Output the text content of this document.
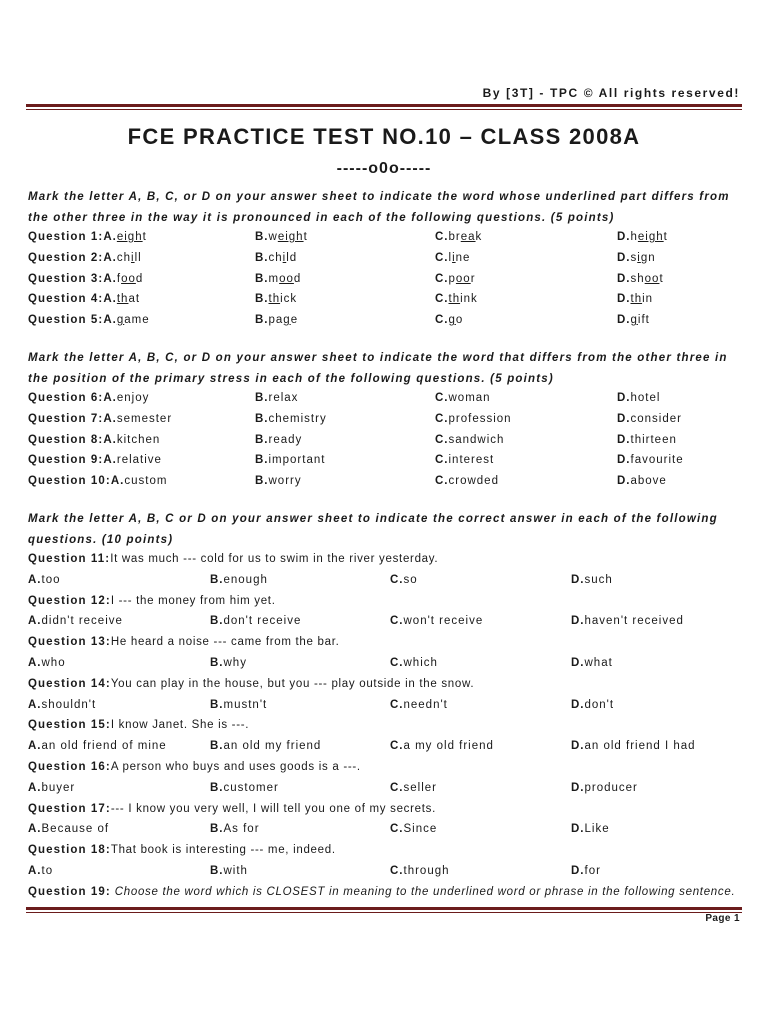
By [3T] - TPC © All rights reserved!
FCE PRACTICE TEST NO.10 – CLASS 2008A
-----o0o-----
Mark the letter A, B, C, or D on your answer sheet to indicate the word whose underlined part differs from the other three in the way it is pronounced in each of the following questions. (5 points)
Question 1:A.eight	B.weight	C.break	D.height
Question 2:A.chill	B.child	C.line	D.sign
Question 3:A.food	B.mood	C.poor	D.shoot
Question 4:A.that	B.thick	C.think	D.thin
Question 5:A.game	B.page	C.go	D.gift
Mark the letter A, B, C, or D on your answer sheet to indicate the word that differs from the other three in the position of the primary stress in each of the following questions. (5 points)
Question 6:A.enjoy	B.relax	C.woman	D.hotel
Question 7:A.semester	B.chemistry	C.profession	D.consider
Question 8:A.kitchen	B.ready	C.sandwich	D.thirteen
Question 9:A.relative	B.important	C.interest	D.favourite
Question 10:A.custom	B.worry	C.crowded	D.above
Mark the letter A, B, C or D on your answer sheet to indicate the correct answer in each of the following questions. (10 points)
Question 11:It was much --- cold for us to swim in the river yesterday.
A.too	B.enough	C.so	D.such
Question 12:I --- the money from him yet.
A.didn't receive	B.don't receive	C.won't receive	D.haven't received
Question 13:He heard a noise --- came from the bar.
A.who	B.why	C.which	D.what
Question 14:You can play in the house, but you --- play outside in the snow.
A.shouldn't	B.mustn't	C.needn't	D.don't
Question 15:I know Janet. She is ---.
A.an old friend of mine	B.an old my friend	C.a my old friend	D.an old friend I had
Question 16:A person who buys and uses goods is a ---.
A.buyer	B.customer	C.seller	D.producer
Question 17:--- I know you very well, I will tell you one of my secrets.
A.Because of	B.As for	C.Since	D.Like
Question 18:That book is interesting --- me, indeed.
A.to	B.with	C.through	D.for
Question 19: Choose the word which is CLOSEST in meaning to the underlined word or phrase in the following sentence.
Page 1
